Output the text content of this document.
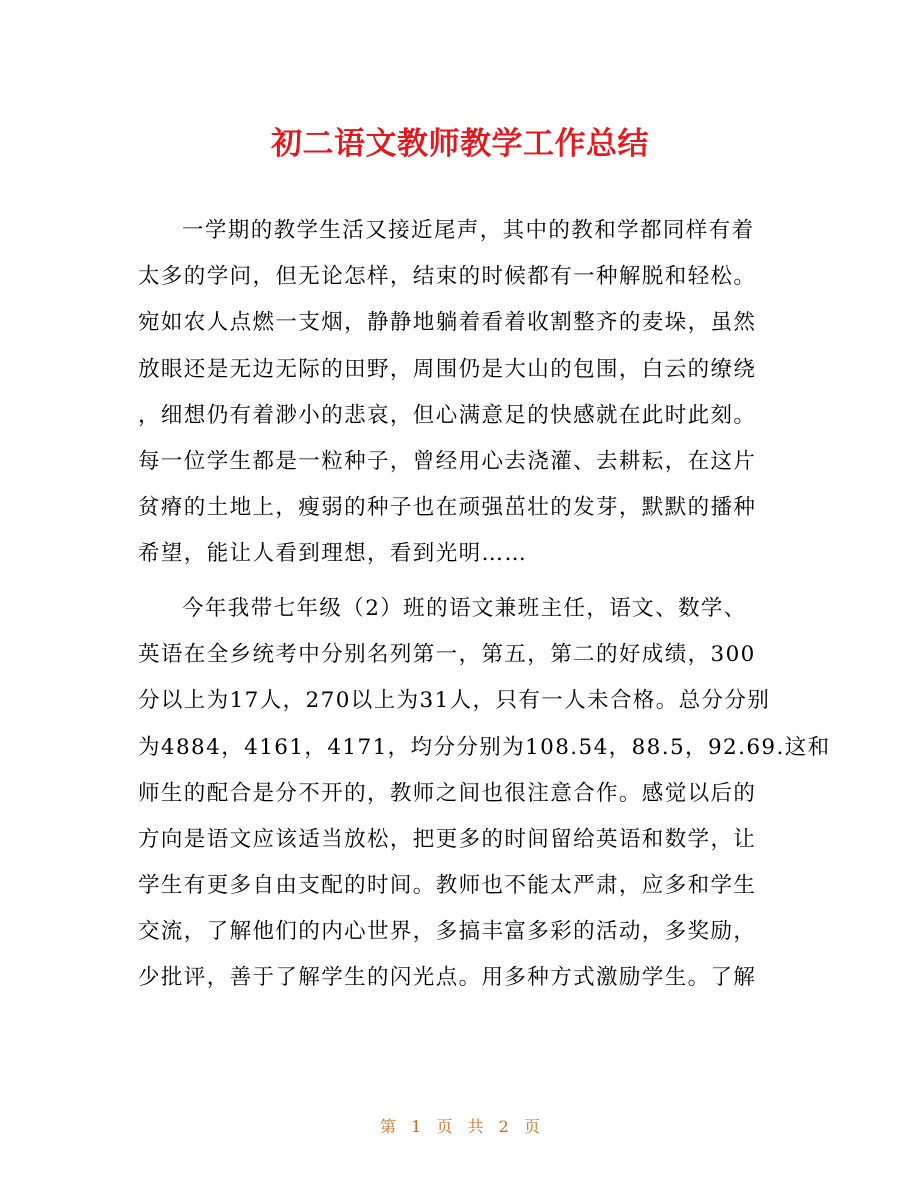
初二语文教师教学工作总结
一学期的教学生活又接近尾声，其中的教和学都同样有着
太多的学问，但无论怎样，结束的时候都有一种解脱和轻松。
宛如农人点燃一支烟，静静地躺着看着收割整齐的麦垛，虽然
放眼还是无边无际的田野，周围仍是大山的包围，白云的缭绕
，细想仍有着渺小的悲哀，但心满意足的快感就在此时此刻。
每一位学生都是一粒种子，曾经用心去浇灌、去耕耘，在这片
贫瘠的土地上，瘦弱的种子也在顽强茁壮的发芽，默默的播种
希望，能让人看到理想，看到光明……
今年我带七年级（2）班的语文兼班主任，语文、数学、
英语在全乡统考中分别名列第一，第五，第二的好成绩，300
分以上为17人，270以上为31人，只有一人未合格。总分分别
为4884，4161，4171，均分分别为108.54，88.5，92.69.这和
师生的配合是分不开的，教师之间也很注意合作。感觉以后的
方向是语文应该适当放松，把更多的时间留给英语和数学，让
学生有更多自由支配的时间。教师也不能太严肃，应多和学生
交流，了解他们的内心世界，多搞丰富多彩的活动，多奖励，
少批评，善于了解学生的闪光点。用多种方式激励学生。了解
第 1 页 共 2 页
